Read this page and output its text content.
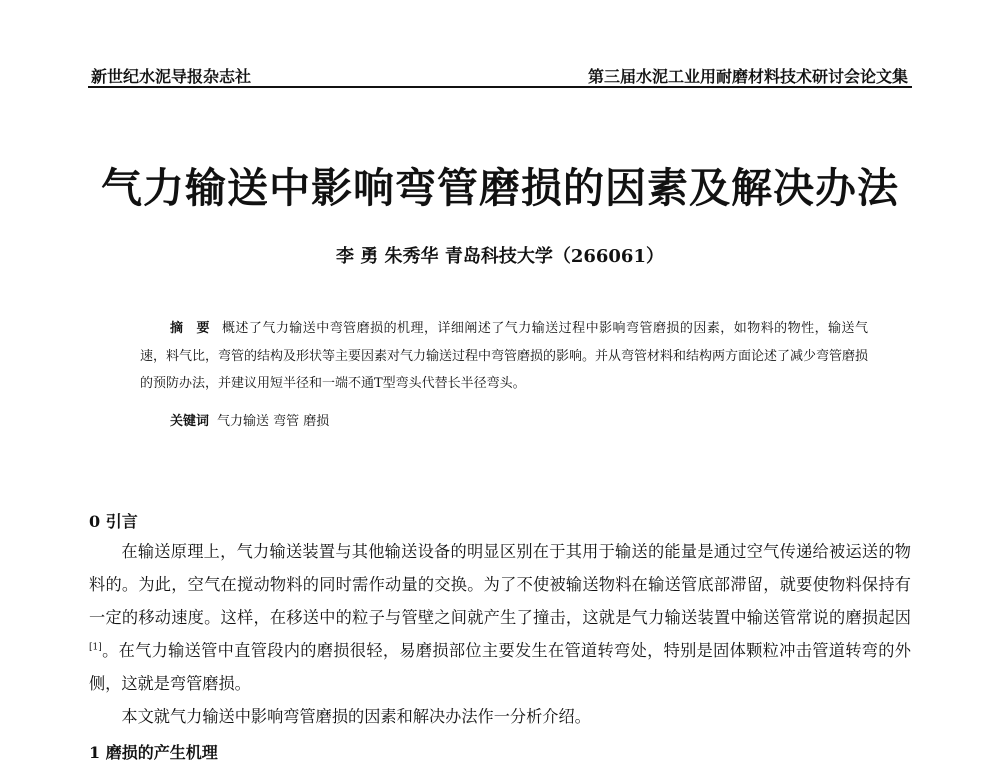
新世纪水泥导报杂志社	第三届水泥工业用耐磨材料技术研讨会论文集
气力输送中影响弯管磨损的因素及解决办法
李 勇 朱秀华 青岛科技大学（266061）
摘 要 概述了气力输送中弯管磨损的机理，详细阐述了气力输送过程中影响弯管磨损的因素，如物料的物性，输送气速，料气比，弯管的结构及形状等主要因素对气力输送过程中弯管磨损的影响。并从弯管材料和结构两方面论述了减少弯管磨损的预防办法，并建议用短半径和一端不通T型弯头代替长半径弯头。
关键词 气力输送 弯管 磨损
0 引言

在输送原理上，气力输送装置与其他输送设备的明显区别在于其用于输送的能量是通过空气传递给被运送的物料的。为此，空气在搅动物料的同时需作动量的交换。为了不使被输送物料在输送管底部滞留，就要使物料保持有一定的移动速度。这样，在移送中的粒子与管壁之间就产生了撞击，这就是气力输送装置中输送管常说的磨损起因[1]。在气力输送管中直管段内的磨损很轻，易磨损部位主要发生在管道转弯处，特别是固体颗粒冲击管道转弯的外侧，这就是弯管磨损。

本文就气力输送中影响弯管磨损的因素和解决办法作一分析介绍。

1 磨损的产生机理
